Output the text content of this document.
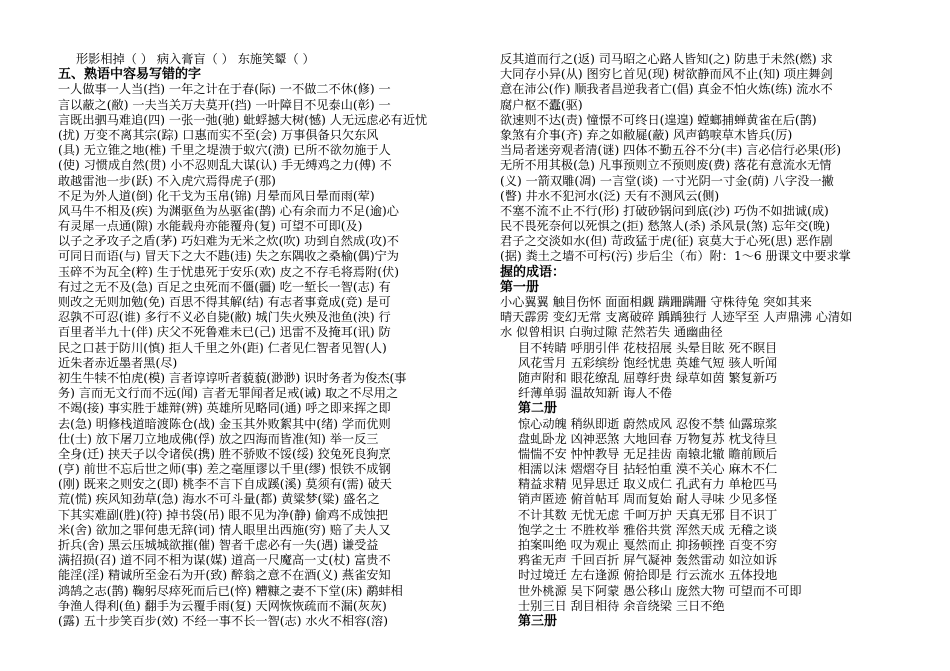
形影相掉（ ） 病入膏盲（ ） 东施笑颦（ ）
五、熟语中容易写错的字
一人做事一人当(挡) 一年之计在于春(际) 一不做二不休(修) 一
言以蔽之(敝) 一夫当关万夫莫开(挡) 一叶障目不见泰山(彰) 一
言既出驷马难追(四) 一张一弛(驰) 蚍蜉撼大树(憾) 人无远虑必有近忧
(扰) 万变不离其宗(踪) 口惠而实不至(会) 万事俱备只欠东风
(具) 无立锥之地(椎) 千里之堤溃于蚁穴(溃) 已所不欲勿施于人
(使) 习惯成自然(贯) 小不忍则乱大谋(认) 手无缚鸡之力(傅) 不
敢越雷池一步(跃) 不入虎穴焉得虎子(那)
不足为外人道(倒) 化干戈为玉帛(锦) 月晕而风日晕而雨(荤)
风马牛不相及(疾) 为渊驱鱼为丛驱雀(鹊) 心有余而力不足(逾)心
有灵犀一点通(隙) 水能载舟亦能覆舟(复) 可望不可即(及)
以子之矛攻子之盾(茅) 巧妇难为无米之炊(吹) 功到自然成(攻)不
可同日而语(与) 冒天下之大不韪(违) 失之东隅收之桑榆(偶)宁为
玉碎不为瓦全(粹) 生于忧患死于安乐(欢) 皮之不存毛将焉附(伏)
有过之无不及(急) 百足之虫死而不僵(疆) 吃一堑长一智(志) 有
则改之无则加勉(免) 百思不得其解(结) 有志者事竟成(竞) 是可
忍孰不可忍(谁) 多行不义必自毙(敝) 城门失火殃及池鱼(泱) 行
百里者半九十(伴) 庆父不死鲁难未已(己) 迅雷不及掩耳(讯) 防
民之口甚于防川(慎) 拒人千里之外(距) 仁者见仁智者见智(人)
近朱者赤近墨者黑(尽)
初生牛犊不怕虎(模) 言者谆谆听者藐藐(渺渺) 识时务者为俊杰(事
务) 言而无文行而不远(闻) 言者无罪闻者足戒(诫) 取之不尽用之
不竭(接) 事实胜于雄辩(辨) 英雄所见略同(通) 呼之即来挥之即
去(急) 明修栈道暗渡陈仓(战) 金玉其外败絮其中(绪) 学而优则
仕(士) 放下屠刀立地成佛(俘) 放之四海而皆准(知) 举一反三
全身(迁) 挟天子以令诸侯(携) 胜不骄败不馁(绥) 狡兔死良狗烹
(亨) 前世不忘后世之师(事) 差之毫厘谬以千里(缪) 恨铁不成钢
(刚) 既来之则安之(即) 桃李不言下自成蹊(溪) 莫须有(需) 破天
荒(慌) 疾风知劲草(急) 海水不可斗量(都) 黄粱梦(粱) 盛名之
下其实难副(胜)(符) 掉书袋(吊) 眼不见为净(静) 偷鸡不成蚀把
米(舍) 欲加之罪何患无辞(词) 情人眼里出西施(穷) 赔了夫人又
折兵(舍) 黑云压城城欲摧(催) 智者千虑必有一失(遇) 谦受益
满招损(召) 道不同不相为谋(媒) 道高一尺魔高一丈(杖) 富贵不
能淫(淫) 精诚所至金石为开(致) 醉翁之意不在酒(义) 燕雀安知
鸿鹄之志(鹊) 鞠躬尽瘁死而后已(悴) 糟糠之妻不下堂(床) 鹬蚌相
争渔人得利(鱼) 翻手为云覆手雨(复) 天网恢恢疏而不漏(灰灰)
(露) 五十步笑百步(效) 不经一事不长一智(志) 水火不相容(溶)
反其道而行之(返) 司马昭之心路人皆知(之) 防患于未然(燃) 求
大同存小异(从) 图穷匕首见(现) 树欲静而风不止(知) 项庄舞剑
意在沛公(作) 顺我者昌逆我者亡(倡) 真金不怕火炼(练) 流水不
腐户枢不蠹(驱)
欲速则不达(责) 憧憬不可终日(遑遑) 螳螂捕蝉黄雀在后(鹊)
象煞有介事(齐) 弃之如敝屣(蔽) 风声鹤唳草木皆兵(厉)
当局者迷旁观者清(谜) 四体不勤五谷不分(丰) 言必信行必果(形)
无所不用其极(急) 凡事预则立不预则废(费) 落花有意流水无情
(义) 一箭双雕(凋) 一言堂(谈) 一寸光阴一寸金(荫) 八字没一撇
(瞥) 井水不犯河水(泛) 天有不测风云(侧)
不塞不流不止不行(形) 打破砂锅问到底(沙) 巧伪不如拙诚(成)
民不畏死奈何以死惧之(拒) 愁煞人(杀) 杀风景(煞) 忘年交(晚)
君子之交淡如水(但) 苛政猛于虎(征) 哀莫大于心死(思) 恶作剧
(据) 粪土之墙不可杇(污) 步后尘（布）附：1～6 册课文中要求掌
握的成语：
第一册
小心翼翼 触目伤怀 面面相觑 蹒跚蹒跚 守株待兔 突如其来
晴天霹雳 变幻无常 支离破碎 踽踽独行 人迹罕至 人声鼎沸 心清如
水 似曾相识 白驹过隙 茫然若失 通幽曲径
目不转睛 呼朋引伴 花枝招展 头晕目眩 死不瞑目
风花雪月 五彩缤纷 饱经忧患 英雄气短 骇人听闻
随声附和 眼花缭乱 屈尊纡贵 绿草如茵 繁复新巧
纤薄单弱 温故知新 诲人不倦
第二册
惊心动魄 稍纵即逝 蔚然成风 忍俊不禁 仙露琼浆
盘虬卧龙 凶神恶煞 大地回春 万物复苏 枕戈待旦
惴惴不安 忡忡教导 无足挂齿 南辕北辙 瞻前顾后
相濡以沫 熠熠夺目 拈轻怕重 漠不关心 麻木不仁
精益求精 见异思迁 取义成仁 孔武有力 单枪匹马
销声匿迹 俯首帖耳 周而复始 耐人寻味 少见多怪
不计其数 无忧无虑 千呵万护 天真无邪 目不识丁
饱学之士 不胜枚举 雅俗共赏 浑然天成 无稽之谈
拍案叫绝 叹为观止 戛然而止 抑扬顿挫 百变不穷
鸦雀无声 千回百折 屏气凝神 轰然雷动 如泣如诉
时过境迁 左右逢源 俯拾即是 行云流水 五体投地
世外桃源 吴下阿蒙 愚公移山 庞然大物 可望而不可即
士别三日 刮目相待 余音绕梁 三日不绝
第三册
